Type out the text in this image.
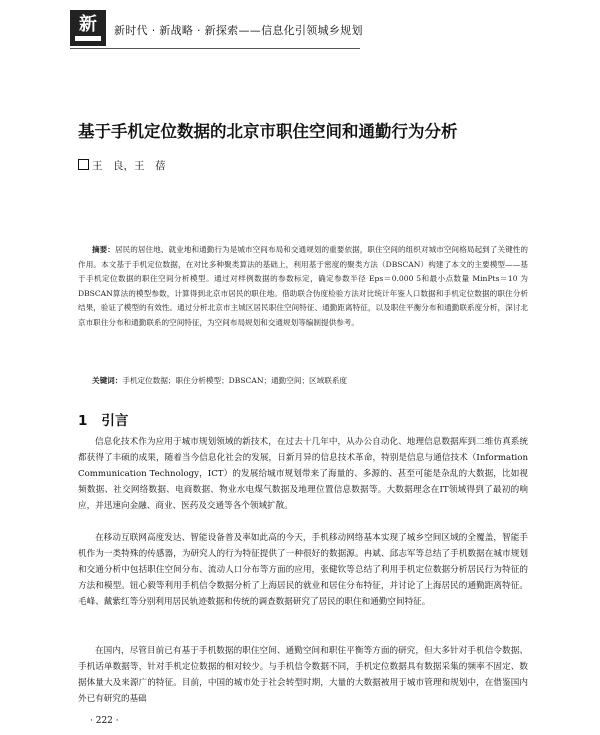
新 新时代 · 新战略 · 新探索——信息化引领城乡规划
基于手机定位数据的北京市职住空间和通勤行为分析
王　良，王　蓓

摘要：居民的居住地、就业地和通勤行为是城市空间布局和交通规划的重要依据，职住空间的组织对城市空间格局起到了关键性的作用。本文基于手机定位数据，在对比多种聚类算法的基础上，利用基于密度的聚类方法（DBSCAN）构建了本文的主要模型——基于手机定位数据的职住空间分析模型。通过对样例数据的参数标定，确定参数半径 Eps＝0.000 5和最小点数量 MinPts＝10 为DBSCAN算法的模型参数，计算得到北京市居民的职住地。借助联合伪度检验方法对比统计年鉴人口数据和手机定位数据的职住分析结果，验证了模型的有效性。通过分析北京市主城区居民职住空间特征、通勤距离特征，以及职住平衡分布和通勤联系度分析，深讨北京市职住分布和通勤联系的空间特征，为空间布局规划和交通规划等编制提供参考。

关键词：手机定位数据；职住分析模型；DBSCAN；通勤空间；区域联系度

1 引言

信息化技术作为应用于城市规划领域的新技术，在过去十几年中，从办公自动化、地理信息数据库到二维仿真系统都获得了丰硕的成果，随着当今信息化社会的发展，日新月异的信息技术革命，特别是信息与通信技术（Information Communication Technology，ICT）的发展给城市规划带来了海量的、多源的、甚至可能是杂乱的大数据，比如视频数据、社交网络数据、电商数据、物业水电煤气数据及地理位置信息数据等。大数据理念在IT领域得到了最初的响应，并迅速向金融、商业、医药及交通等各个领域扩散。

在移动互联网高度发达、智能设备普及率如此高的今天，手机移动网络基本实现了城乡空间区域的全覆盖，智能手机作为一类特殊的传感器，为研究人的行为特征提供了一种很好的数据源。冉斌、邱志军等总结了手机数据在城市规划和交通分析中包括职住空间分布、流动人口分布等方面的应用，张健钦等总结了利用手机定位数据分析居民行为特征的方法和模型。钮心毅等利用手机信令数据分析了上海居民的就业和居住分布特征，并讨论了上海居民的通勤距离特征。毛峰、戴紫红等分别利用居民轨迹数据和传统的调查数据研究了居民的职住和通勤空间特征。

在国内，尽管目前已有基于手机数据的职住空间、通勤空间和职住平衡等方面的研究，但大多针对手机信令数据、手机话单数据等，针对手机定位数据的相对较少。与手机信令数据不同，手机定位数据具有数据采集的频率不固定、数据体量大及来源广的特征。目前，中国的城市处于社会转型时期，大量的大数据被用于城市管理和规划中，在借鉴国内外已有研究的基础

· 222 ·
